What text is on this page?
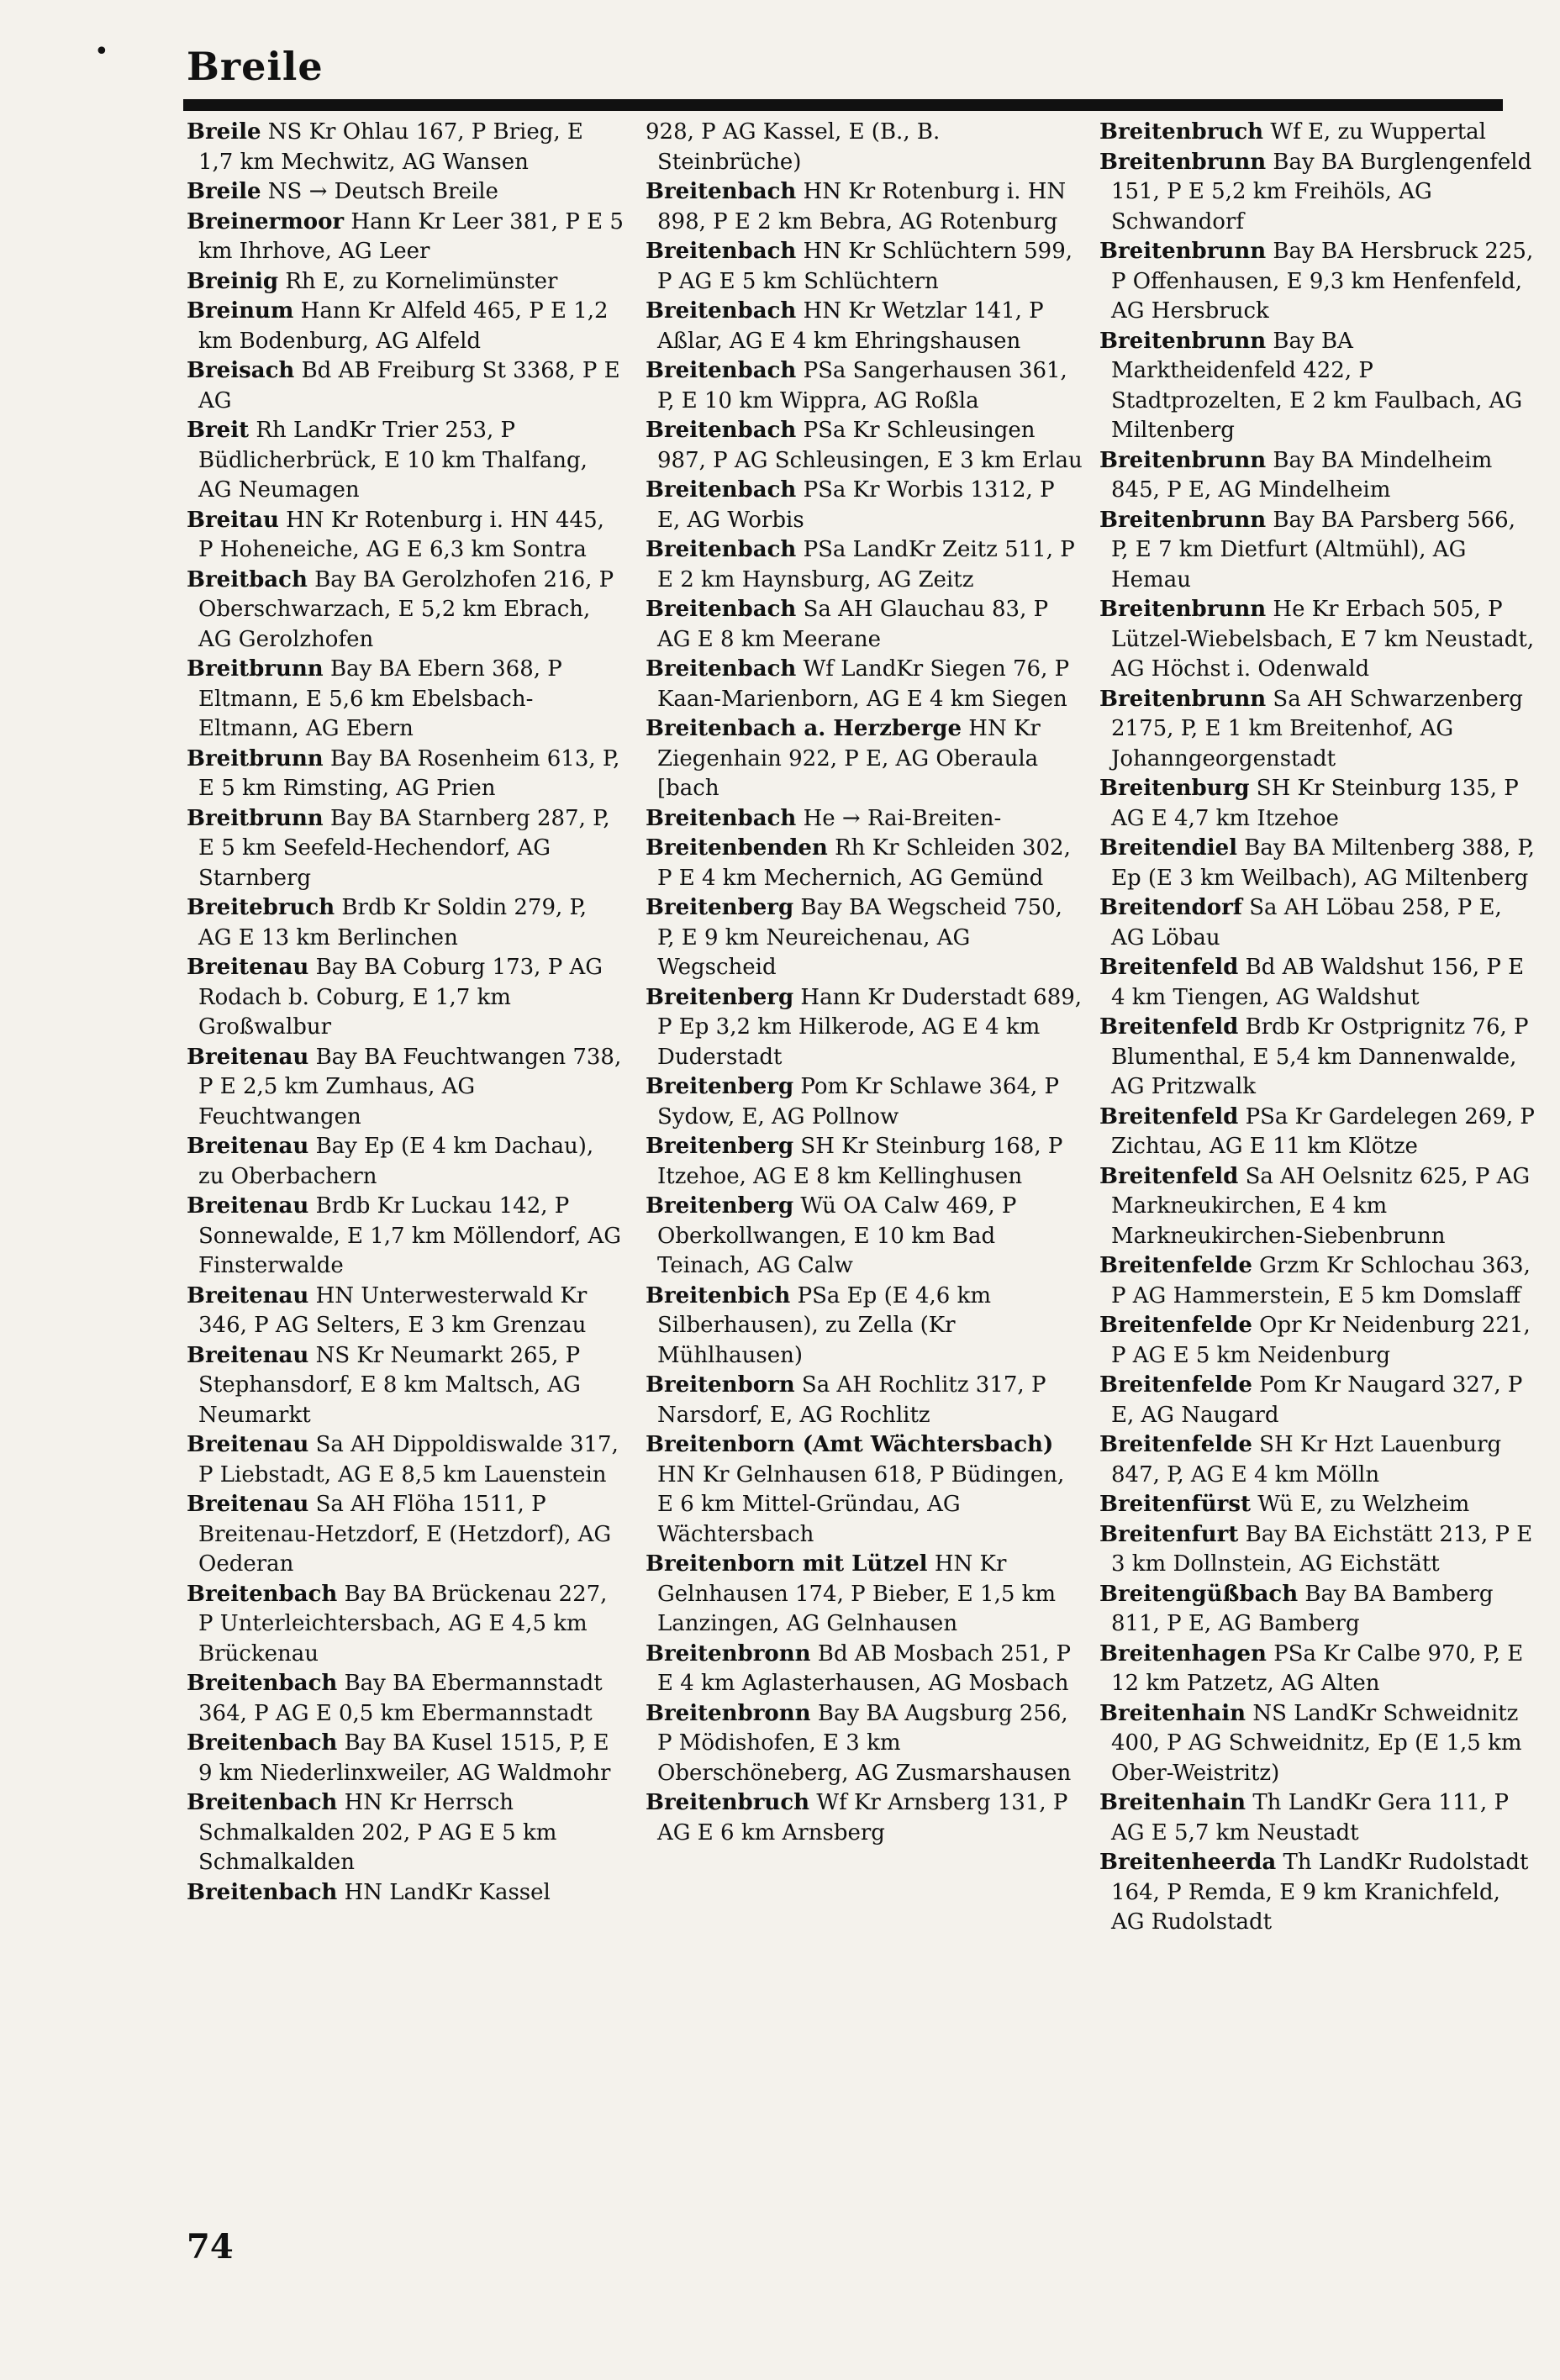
• Breile

Breile NS Kr Ohlau 167, P Brieg, E 1,7 km Mechwitz, AG Wansen

Breile NS → Deutsch Breile

Breinermoor Hann Kr Leer 381, P E 5 km Ihrhove, AG Leer

Breinig Rh E, zu Kornelimünster

Breinum Hann Kr Alfeld 465, P E 1,2 km Bodenburg, AG Alfeld

Breisach Bd AB Freiburg St 3368, P E AG

Breit Rh LandKr Trier 253, P Büdlicherbrück, E 10 km Thalfang, AG Neumagen

Breitau HN Kr Rotenburg i. HN 445, P Hoheneiche, AG E 6,3 km Sontra

Breitbach Bay BA Gerolzhofen 216, P Oberschwarzach, E 5,2 km Ebrach, AG Gerolzhofen

Breitbrunn Bay BA Ebern 368, P Eltmann, E 5,6 km Ebelsbach-Eltmann, AG Ebern

Breitbrunn Bay BA Rosenheim 613, P, E 5 km Rimsting, AG Prien

Breitbrunn Bay BA Starnberg 287, P, E 5 km Seefeld-Hechendorf, AG Starnberg

Breitebruch Brdb Kr Soldin 279, P, AG E 13 km Berlinchen

Breitenau Bay BA Coburg 173, P AG Rodach b. Coburg, E 1,7 km Großwalbur

Breitenau Bay BA Feuchtwangen 738, P E 2,5 km Zumhaus, AG Feuchtwangen

Breitenau Bay Ep (E 4 km Dachau), zu Oberbachern

Breitenau Brdb Kr Luckau 142, P Sonnewalde, E 1,7 km Möllendorf, AG Finsterwalde

Breitenau HN Unterwesterwald Kr 346, P AG Selters, E 3 km Grenzau

Breitenau NS Kr Neumarkt 265, P Stephansdorf, E 8 km Maltsch, AG Neumarkt

Breitenau Sa AH Dippoldiswalde 317, P Liebstadt, AG E 8,5 km Lauenstein

Breitenau Sa AH Flöha 1511, P Breitenau-Hetzdorf, E (Hetzdorf), AG Oederan

Breitenbach Bay BA Brückenau 227, P Unterleichtersbach, AG E 4,5 km Brückenau

Breitenbach Bay BA Ebermannstadt 364, P AG E 0,5 km Ebermannstadt

Breitenbach Bay BA Kusel 1515, P, E 9 km Niederlinxweiler, AG Waldmohr

Breitenbach HN Kr Herrsch Schmalkalden 202, P AG E 5 km Schmalkalden

Breitenbach HN LandKr Kassel

928, P AG Kassel, E (B., B. Steinbrüche)

Breitenbach HN Kr Rotenburg i. HN 898, P E 2 km Bebra, AG Rotenburg

Breitenbach HN Kr Schlüchtern 599, P AG E 5 km Schlüchtern

Breitenbach HN Kr Wetzlar 141, P Aßlar, AG E 4 km Ehringshausen

Breitenbach PSa Sangerhausen 361, P, E 10 km Wippra, AG Roßla

Breitenbach PSa Kr Schleusingen 987, P AG Schleusingen, E 3 km Erlau

Breitenbach PSa Kr Worbis 1312, P E, AG Worbis

Breitenbach PSa LandKr Zeitz 511, P E 2 km Haynsburg, AG Zeitz

Breitenbach Sa AH Glauchau 83, P AG E 8 km Meerane

Breitenbach Wf LandKr Siegen 76, P Kaan-Marienborn, AG E 4 km Siegen

Breitenbach a. Herzberge HN Kr Ziegenhain 922, P E, AG Oberaula [bach

Breitenbach He → Rai-Breiten-

Breitenbenden Rh Kr Schleiden 302, P E 4 km Mechernich, AG Gemünd

Breitenberg Bay BA Wegscheid 750, P, E 9 km Neureichenau, AG Wegscheid

Breitenberg Hann Kr Duderstadt 689, P Ep 3,2 km Hilkerode, AG E 4 km Duderstadt

Breitenberg Pom Kr Schlawe 364, P Sydow, E, AG Pollnow

Breitenberg SH Kr Steinburg 168, P Itzehoe, AG E 8 km Kellinghusen

Breitenberg Wü OA Calw 469, P Oberkollwangen, E 10 km Bad Teinach, AG Calw

Breitenbich PSa Ep (E 4,6 km Silberhausen), zu Zella (Kr Mühlhausen)

Breitenborn Sa AH Rochlitz 317, P Narsdorf, E, AG Rochlitz

Breitenborn (Amt Wächtersbach) HN Kr Gelnhausen 618, P Büdingen, E 6 km Mittel-Gründau, AG Wächtersbach

Breitenborn mit Lützel HN Kr Gelnhausen 174, P Bieber, E 1,5 km Lanzingen, AG Gelnhausen

Breitenbronn Bd AB Mosbach 251, P E 4 km Aglasterhausen, AG Mosbach

Breitenbronn Bay BA Augsburg 256, P Mödishofen, E 3 km Oberschöneberg, AG Zusmarshausen

Breitenbruch Wf Kr Arnsberg 131, P AG E 6 km Arnsberg

Breitenbruch Wf E, zu Wuppertal

Breitenbrunn Bay BA Burglengenfeld 151, P E 5,2 km Freihöls, AG Schwandorf

Breitenbrunn Bay BA Hersbruck 225, P Offenhausen, E 9,3 km Henfenfeld, AG Hersbruck

Breitenbrunn Bay BA Marktheidenfeld 422, P Stadtprozelten, E 2 km Faulbach, AG Miltenberg

Breitenbrunn Bay BA Mindelheim 845, P E, AG Mindelheim

Breitenbrunn Bay BA Parsberg 566, P, E 7 km Dietfurt (Altmühl), AG Hemau

Breitenbrunn He Kr Erbach 505, P Lützel-Wiebelsbach, E 7 km Neustadt, AG Höchst i. Odenwald

Breitenbrunn Sa AH Schwarzenberg 2175, P, E 1 km Breitenhof, AG Johanngeorgenstadt

Breitenburg SH Kr Steinburg 135, P AG E 4,7 km Itzehoe

Breitendiel Bay BA Miltenberg 388, P, Ep (E 3 km Weilbach), AG Miltenberg

Breitendorf Sa AH Löbau 258, P E, AG Löbau

Breitenfeld Bd AB Waldshut 156, P E 4 km Tiengen, AG Waldshut

Breitenfeld Brdb Kr Ostprignitz 76, P Blumenthal, E 5,4 km Dannenwalde, AG Pritzwalk

Breitenfeld PSa Kr Gardelegen 269, P Zichtau, AG E 11 km Klötze

Breitenfeld Sa AH Oelsnitz 625, P AG Markneukirchen, E 4 km Markneukirchen-Siebenbrunn

Breitenfelde Grzm Kr Schlochau 363, P AG Hammerstein, E 5 km Domslaff

Breitenfelde Opr Kr Neidenburg 221, P AG E 5 km Neidenburg

Breitenfelde Pom Kr Naugard 327, P E, AG Naugard

Breitenfelde SH Kr Hzt Lauenburg 847, P, AG E 4 km Mölln

Breitenfürst Wü E, zu Welzheim

Breitenfurt Bay BA Eichstätt 213, P E 3 km Dollnstein, AG Eichstätt

Breitengüßbach Bay BA Bamberg 811, P E, AG Bamberg

Breitenhagen PSa Kr Calbe 970, P, E 12 km Patzetz, AG Alten

Breitenhain NS LandKr Schweidnitz 400, P AG Schweidnitz, Ep (E 1,5 km Ober-Weistritz)

Breitenhain Th LandKr Gera 111, P AG E 5,7 km Neustadt

Breitenheerda Th LandKr Rudolstadt 164, P Remda, E 9 km Kranichfeld, AG Rudolstadt

74
